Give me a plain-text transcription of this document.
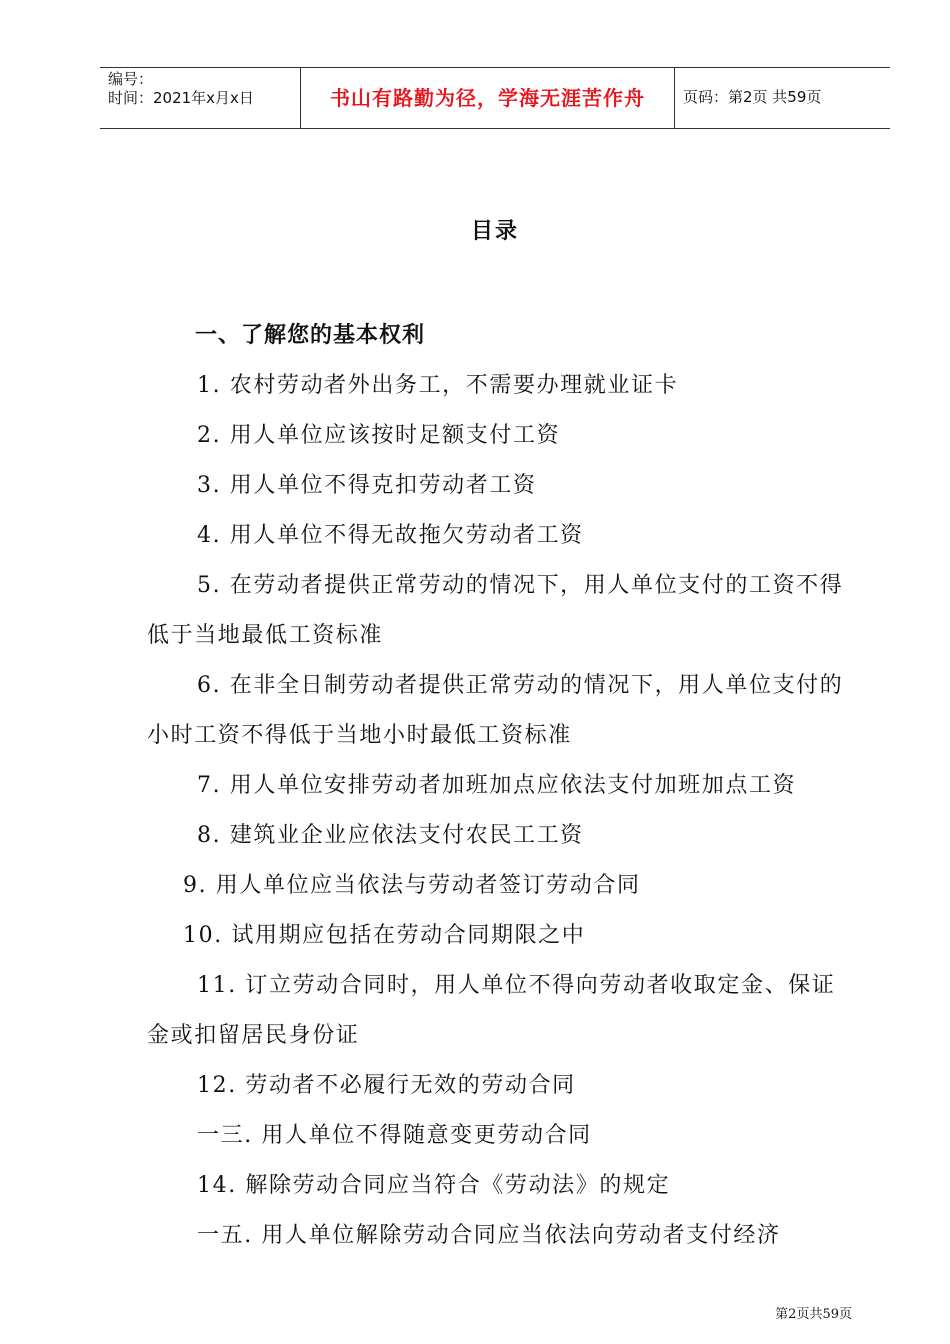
编号：
时间：2021年x月x日	书山有路勤为径，学海无涯苦作舟	页码：第2页 共59页
目录
一、了解您的基本权利
1. 农村劳动者外出务工，不需要办理就业证卡
2. 用人单位应该按时足额支付工资
3. 用人单位不得克扣劳动者工资
4. 用人单位不得无故拖欠劳动者工资
5. 在劳动者提供正常劳动的情况下，用人单位支付的工资不得低于当地最低工资标准
6. 在非全日制劳动者提供正常劳动的情况下，用人单位支付的小时工资不得低于当地小时最低工资标准
7. 用人单位安排劳动者加班加点应依法支付加班加点工资
8. 建筑业企业应依法支付农民工工资
9. 用人单位应当依法与劳动者签订劳动合同
10. 试用期应包括在劳动合同期限之中
11. 订立劳动合同时，用人单位不得向劳动者收取定金、保证金或扣留居民身份证
12. 劳动者不必履行无效的劳动合同
一三. 用人单位不得随意变更劳动合同
14. 解除劳动合同应当符合《劳动法》的规定
一五. 用人单位解除劳动合同应当依法向劳动者支付经济
第2页共59页
